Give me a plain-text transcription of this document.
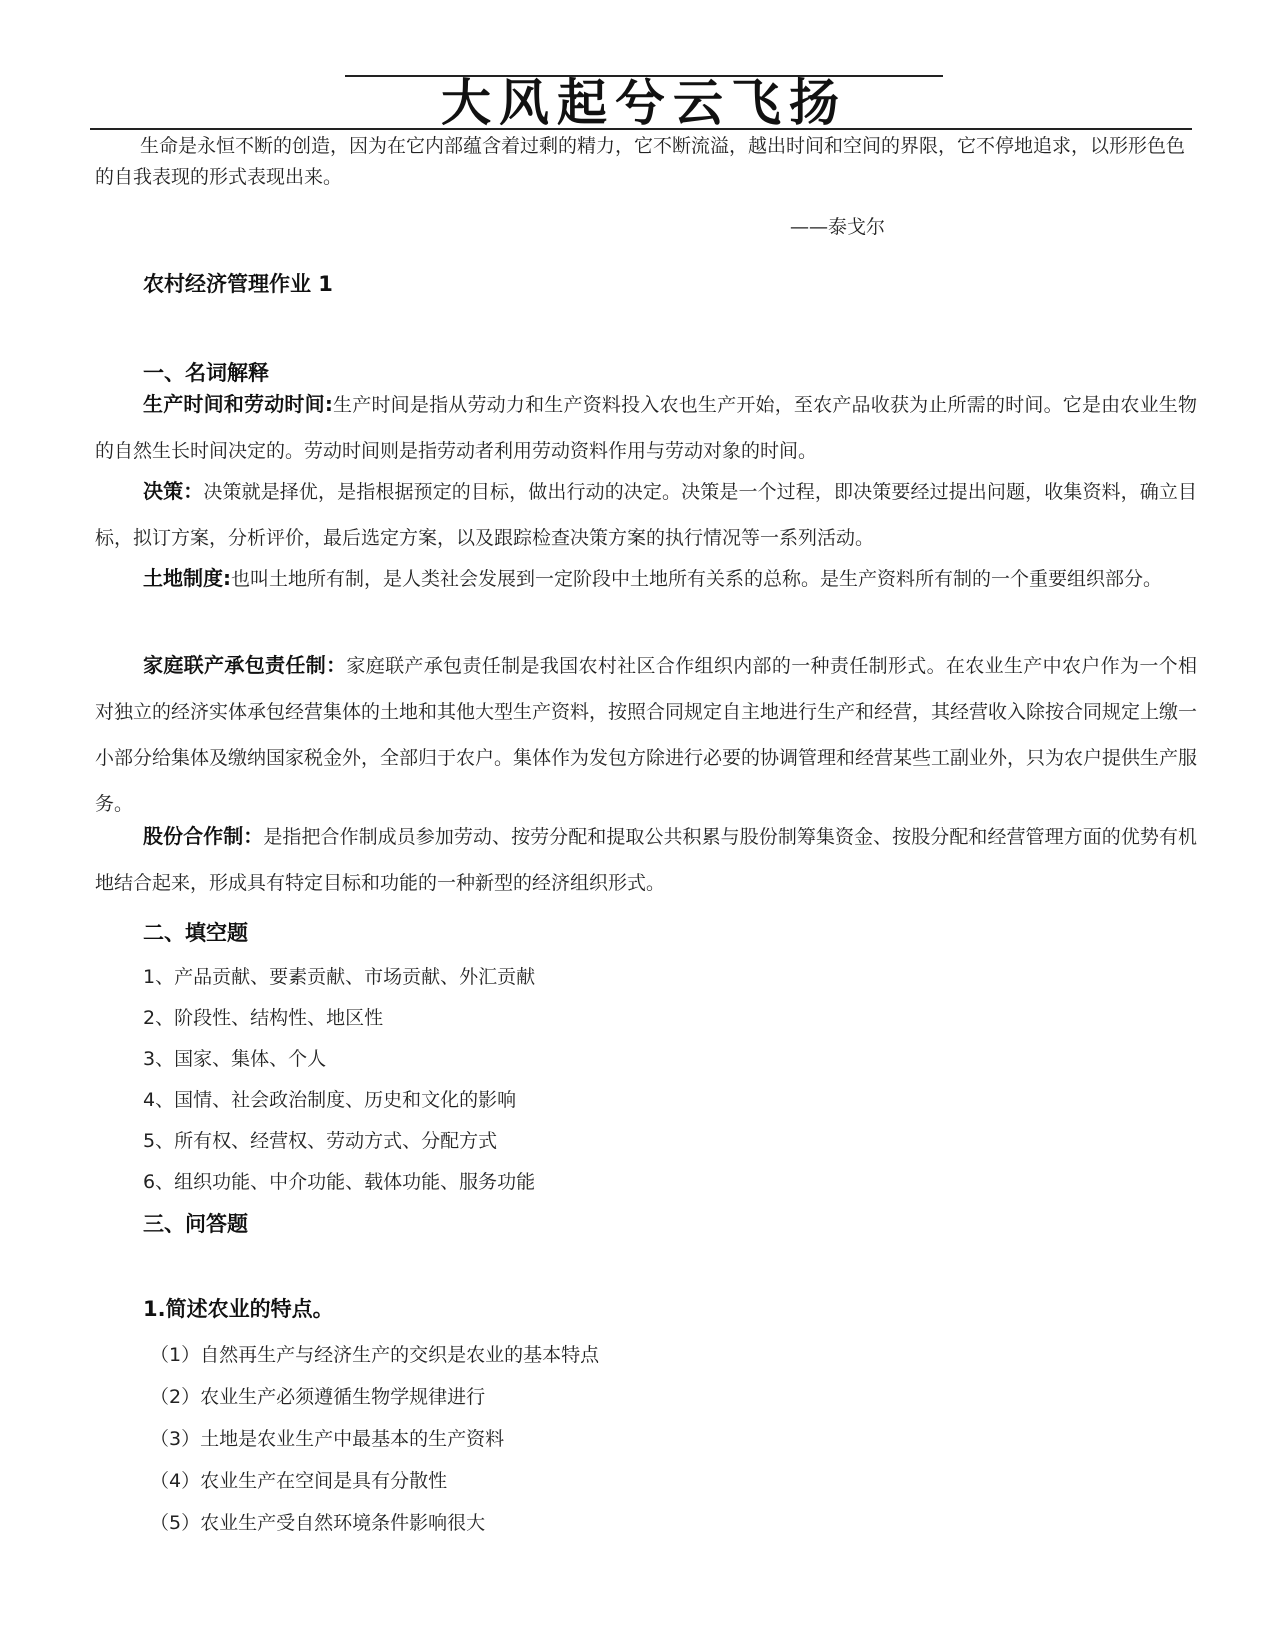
大风起兮云飞扬
生命是永恒不断的创造，因为在它内部蕴含着过剩的精力，它不断流溢，越出时间和空间的界限，它不停地追求，以形形色色的自我表现的形式表现出来。
——泰戈尔
农村经济管理作业 1
一、名词解释
生产时间和劳动时间:生产时间是指从劳动力和生产资料投入农也生产开始，至农产品收获为止所需的时间。它是由农业生物的自然生长时间决定的。劳动时间则是指劳动者利用劳动资料作用与劳动对象的时间。
决策：决策就是择优，是指根据预定的目标，做出行动的决定。决策是一个过程，即决策要经过提出问题，收集资料，确立目标，拟订方案，分析评价，最后选定方案，以及跟踪检查决策方案的执行情况等一系列活动。
土地制度:也叫土地所有制，是人类社会发展到一定阶段中土地所有关系的总称。是生产资料所有制的一个重要组织部分。
家庭联产承包责任制：家庭联产承包责任制是我国农村社区合作组织内部的一种责任制形式。在农业生产中农户作为一个相对独立的经济实体承包经营集体的土地和其他大型生产资料，按照合同规定自主地进行生产和经营，其经营收入除按合同规定上缴一小部分给集体及缴纳国家税金外，全部归于农户。集体作为发包方除进行必要的协调管理和经营某些工副业外，只为农户提供生产服务。
股份合作制：是指把合作制成员参加劳动、按劳分配和提取公共积累与股份制筹集资金、按股分配和经营管理方面的优势有机地结合起来，形成具有特定目标和功能的一种新型的经济组织形式。
二、填空题
1、产品贡献、要素贡献、市场贡献、外汇贡献
2、阶段性、结构性、地区性
3、国家、集体、个人
4、国情、社会政治制度、历史和文化的影响
5、所有权、经营权、劳动方式、分配方式
6、组织功能、中介功能、载体功能、服务功能
三、问答题
1.简述农业的特点。
（1）自然再生产与经济生产的交织是农业的基本特点
（2）农业生产必须遵循生物学规律进行
（3）土地是农业生产中最基本的生产资料
（4）农业生产在空间是具有分散性
（5）农业生产受自然环境条件影响很大
